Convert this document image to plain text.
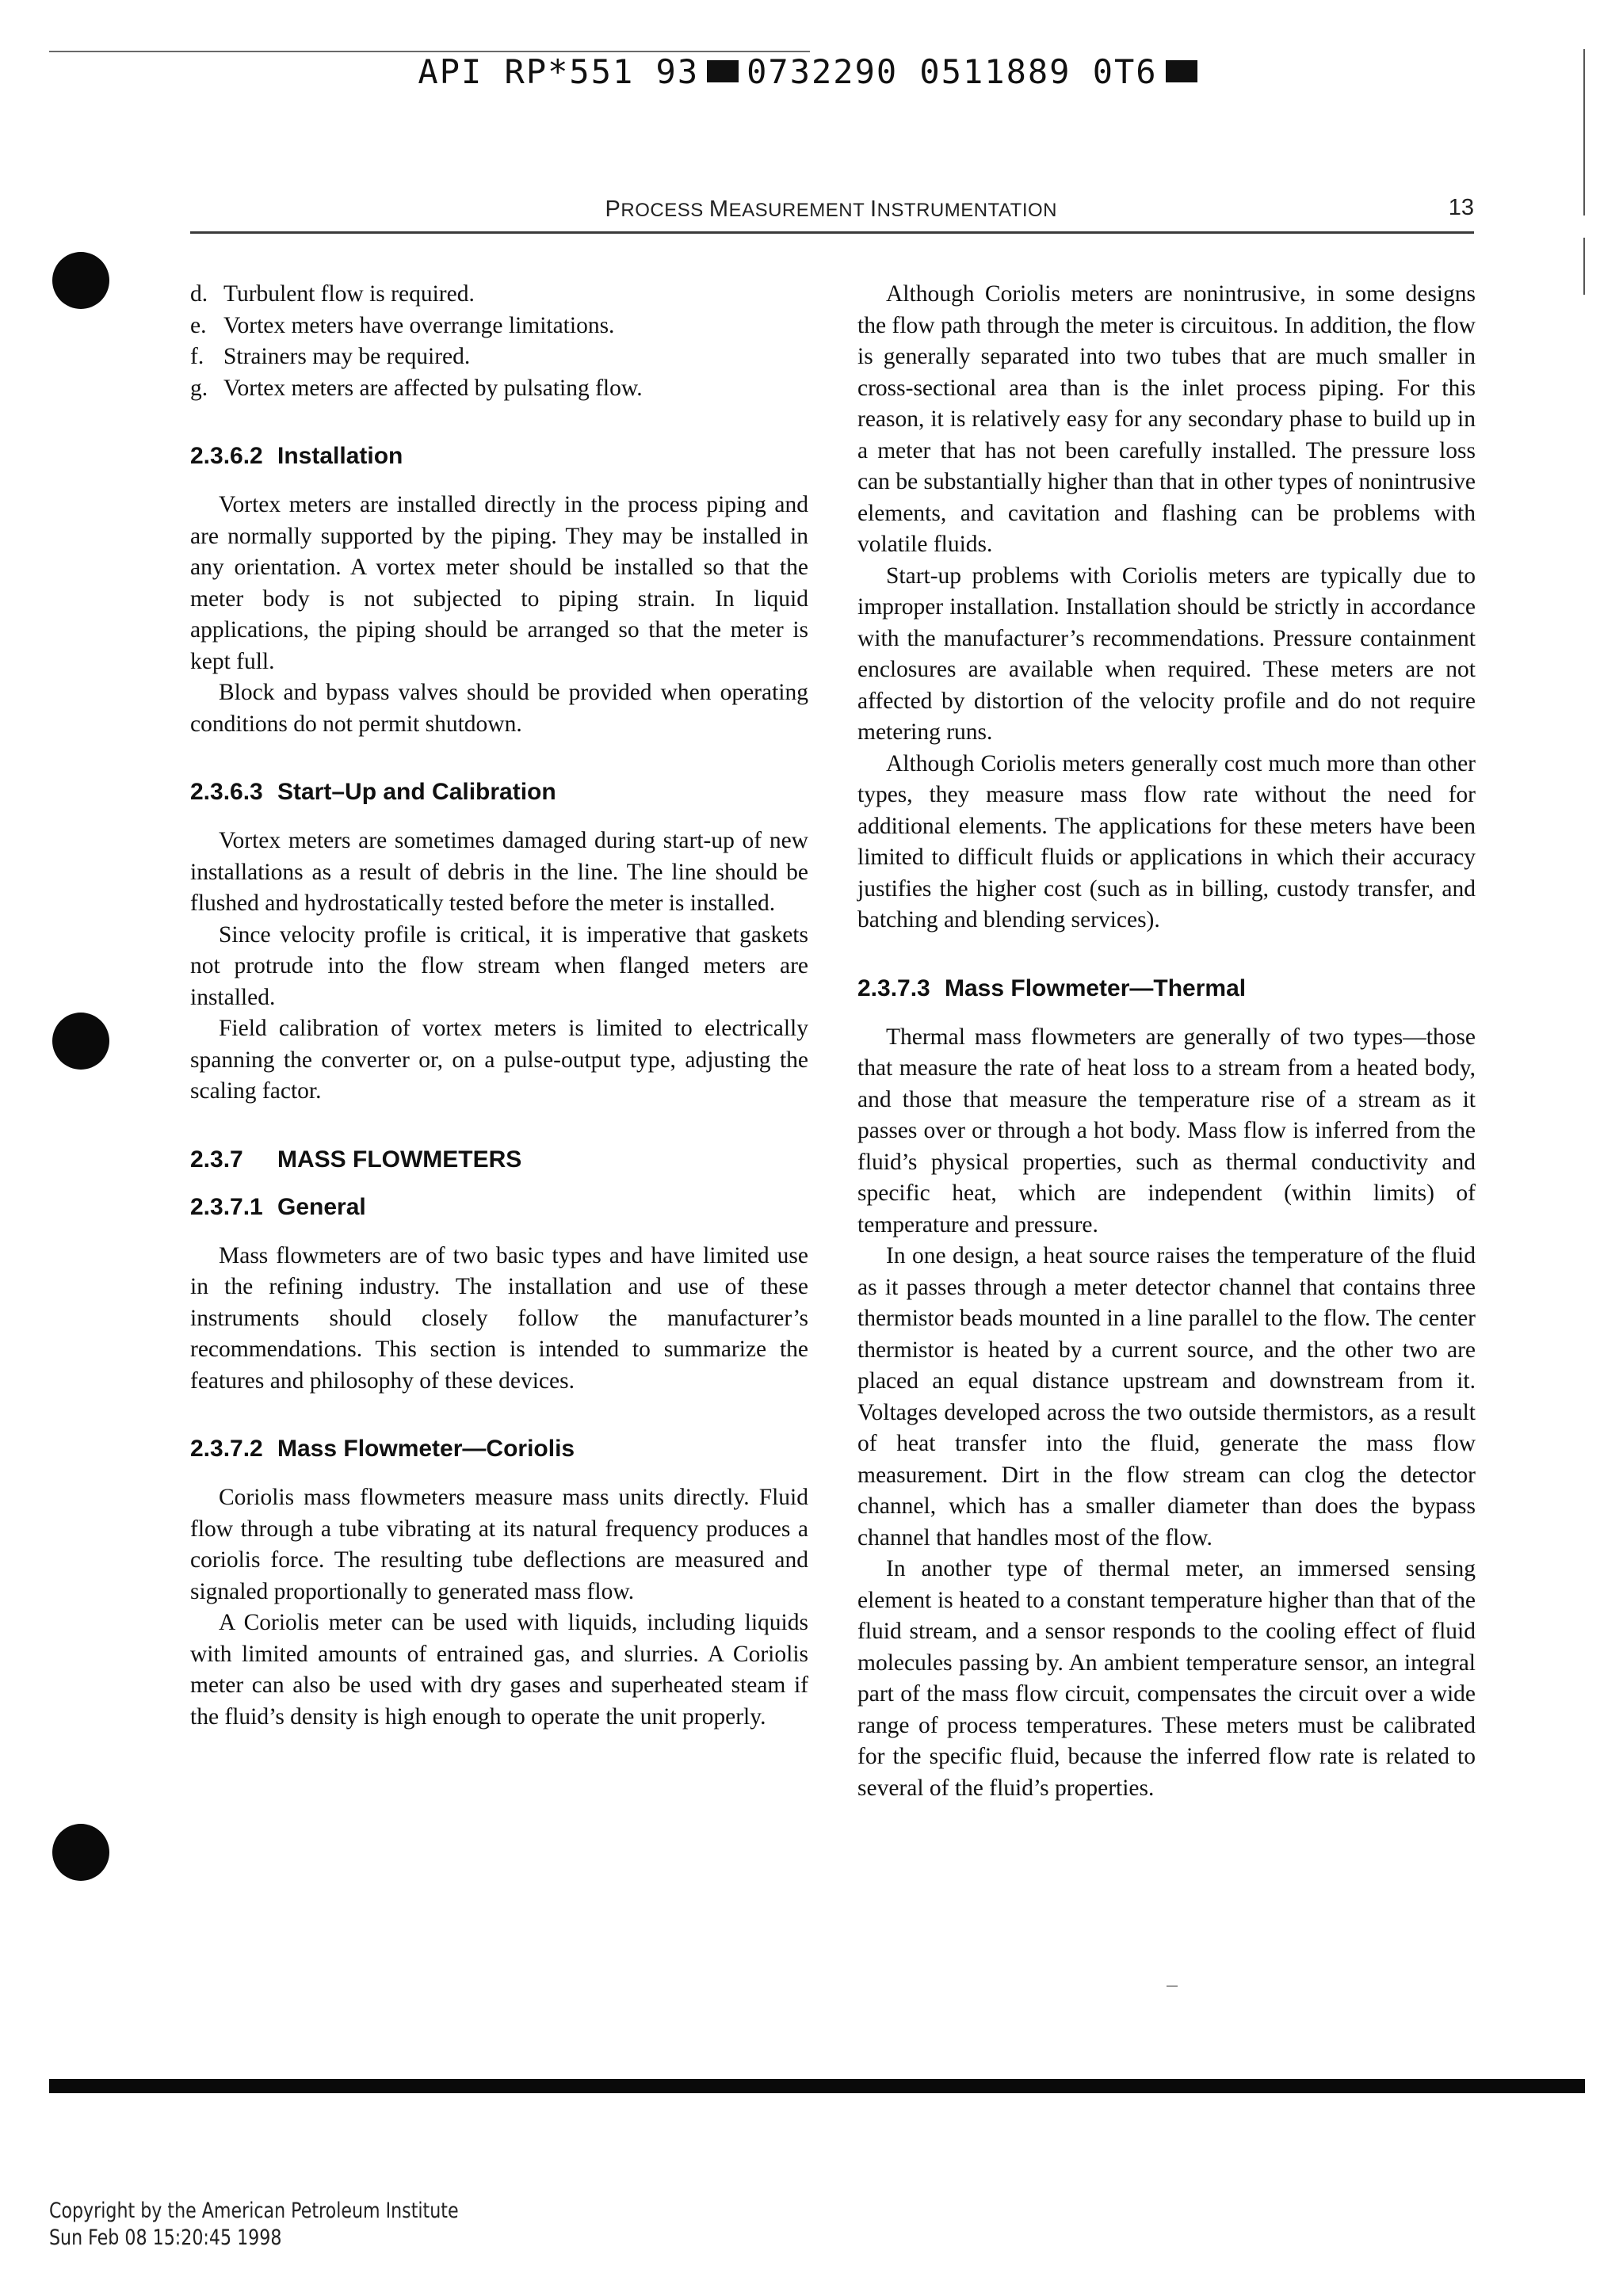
API RP*551 93 0732290 0511889 0T6
PROCESS MEASUREMENT INSTRUMENTATION	13
d. Turbulent flow is required.
e. Vortex meters have overrange limitations.
f. Strainers may be required.
g. Vortex meters are affected by pulsating flow.
2.3.6.2 Installation

Vortex meters are installed directly in the process piping and are normally supported by the piping. They may be installed in any orientation. A vortex meter should be installed so that the meter body is not subjected to piping strain. In liquid applications, the piping should be arranged so that the meter is kept full.

Block and bypass valves should be provided when operating conditions do not permit shutdown.

2.3.6.3 Start–Up and Calibration

Vortex meters are sometimes damaged during start-up of new installations as a result of debris in the line. The line should be flushed and hydrostatically tested before the meter is installed.

Since velocity profile is critical, it is imperative that gaskets not protrude into the flow stream when flanged meters are installed.

Field calibration of vortex meters is limited to electrically spanning the converter or, on a pulse-output type, adjusting the scaling factor.

2.3.7 MASS FLOWMETERS
2.3.7.1 General

Mass flowmeters are of two basic types and have limited use in the refining industry. The installation and use of these instruments should closely follow the manufacturer’s recommendations. This section is intended to summarize the features and philosophy of these devices.

2.3.7.2 Mass Flowmeter—Coriolis

Coriolis mass flowmeters measure mass units directly. Fluid flow through a tube vibrating at its natural frequency produces a coriolis force. The resulting tube deflections are measured and signaled proportionally to generated mass flow.

A Coriolis meter can be used with liquids, including liquids with limited amounts of entrained gas, and slurries. A Coriolis meter can also be used with dry gases and superheated steam if the fluid’s density is high enough to operate the unit properly.

Although Coriolis meters are nonintrusive, in some designs the flow path through the meter is circuitous. In addition, the flow is generally separated into two tubes that are much smaller in cross-sectional area than is the inlet process piping. For this reason, it is relatively easy for any secondary phase to build up in a meter that has not been carefully installed. The pressure loss can be substantially higher than that in other types of nonintrusive elements, and cavitation and flashing can be problems with volatile fluids.

Start-up problems with Coriolis meters are typically due to improper installation. Installation should be strictly in accordance with the manufacturer’s recommendations. Pressure containment enclosures are available when required. These meters are not affected by distortion of the velocity profile and do not require metering runs.

Although Coriolis meters generally cost much more than other types, they measure mass flow rate without the need for additional elements. The applications for these meters have been limited to difficult fluids or applications in which their accuracy justifies the higher cost (such as in billing, custody transfer, and batching and blending services).

2.3.7.3 Mass Flowmeter—Thermal

Thermal mass flowmeters are generally of two types—those that measure the rate of heat loss to a stream from a heated body, and those that measure the temperature rise of a stream as it passes over or through a hot body. Mass flow is inferred from the fluid’s physical properties, such as thermal conductivity and specific heat, which are independent (within limits) of temperature and pressure.

In one design, a heat source raises the temperature of the fluid as it passes through a meter detector channel that contains three thermistor beads mounted in a line parallel to the flow. The center thermistor is heated by a current source, and the other two are placed an equal distance upstream and downstream from it. Voltages developed across the two outside thermistors, as a result of heat transfer into the fluid, generate the mass flow measurement. Dirt in the flow stream can clog the detector channel, which has a smaller diameter than does the bypass channel that handles most of the flow.

In another type of thermal meter, an immersed sensing element is heated to a constant temperature higher than that of the fluid stream, and a sensor responds to the cooling effect of fluid molecules passing by. An ambient temperature sensor, an integral part of the mass flow circuit, compensates the circuit over a wide range of process temperatures. These meters must be calibrated for the specific fluid, because the inferred flow rate is related to several of the fluid’s properties.

Copyright by the American Petroleum Institute
Sun Feb 08 15:20:45 1998
